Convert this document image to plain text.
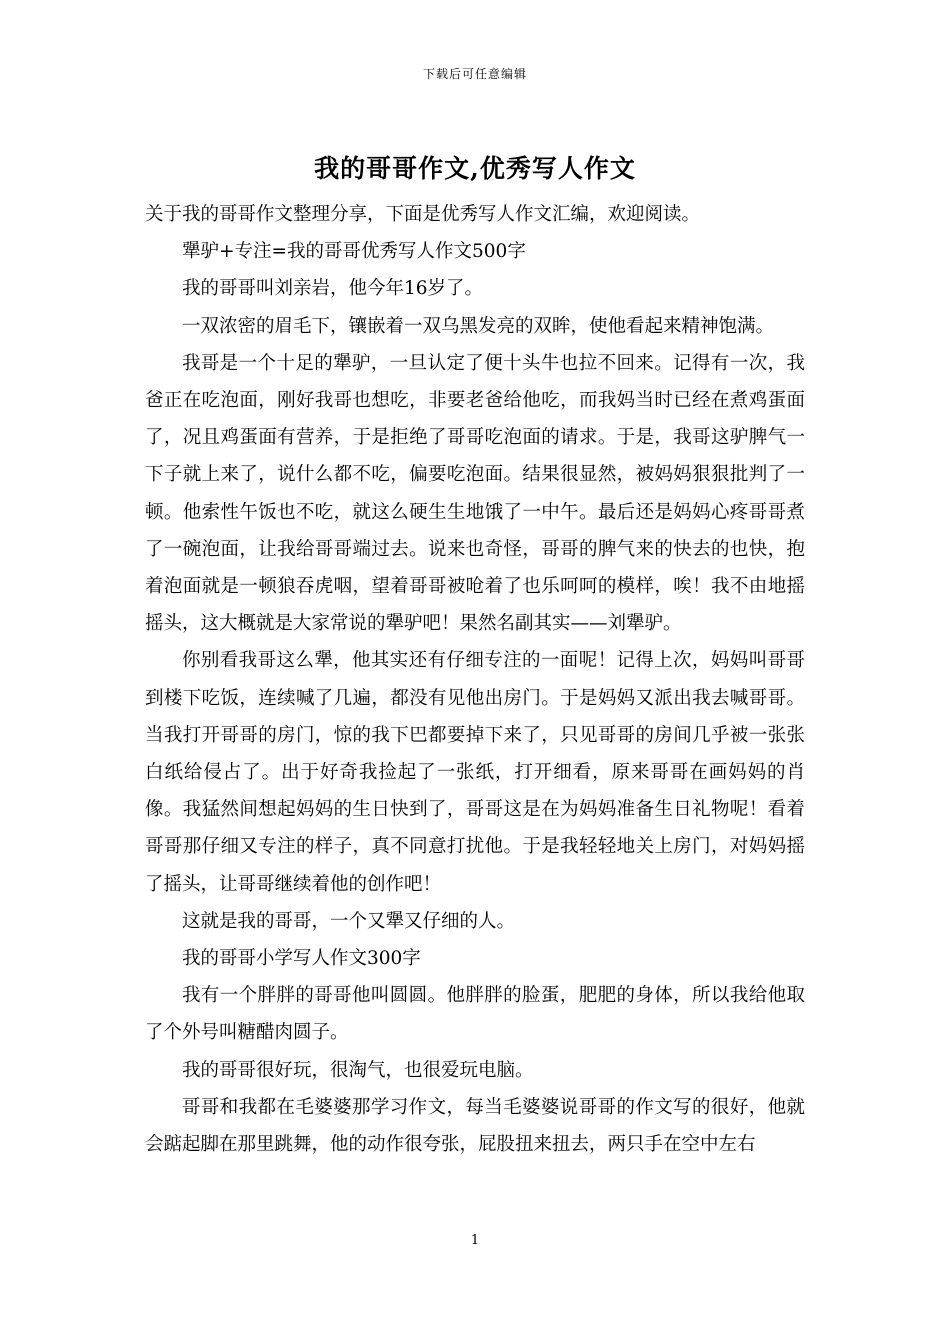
下载后可任意编辑
我的哥哥作文,优秀写人作文

关于我的哥哥作文整理分享，下面是优秀写人作文汇编，欢迎阅读。

犟驴+专注=我的哥哥优秀写人作文500字

我的哥哥叫刘亲岩，他今年16岁了。

一双浓密的眉毛下，镶嵌着一双乌黑发亮的双眸，使他看起来精神饱满。

我哥是一个十足的犟驴，一旦认定了便十头牛也拉不回来。记得有一次，我爸正在吃泡面，刚好我哥也想吃，非要老爸给他吃，而我妈当时已经在煮鸡蛋面了，况且鸡蛋面有营养，于是拒绝了哥哥吃泡面的请求。于是，我哥这驴脾气一下子就上来了，说什么都不吃，偏要吃泡面。结果很显然，被妈妈狠狠批判了一顿。他索性午饭也不吃，就这么硬生生地饿了一中午。最后还是妈妈心疼哥哥煮了一碗泡面，让我给哥哥端过去。说来也奇怪，哥哥的脾气来的快去的也快，抱着泡面就是一顿狼吞虎咽，望着哥哥被呛着了也乐呵呵的模样，唉！我不由地摇摇头，这大概就是大家常说的犟驴吧！果然名副其实——刘犟驴。

你别看我哥这么犟，他其实还有仔细专注的一面呢！记得上次，妈妈叫哥哥到楼下吃饭，连续喊了几遍，都没有见他出房门。于是妈妈又派出我去喊哥哥。当我打开哥哥的房门，惊的我下巴都要掉下来了，只见哥哥的房间几乎被一张张白纸给侵占了。出于好奇我捡起了一张纸，打开细看，原来哥哥在画妈妈的肖像。我猛然间想起妈妈的生日快到了，哥哥这是在为妈妈准备生日礼物呢！看着哥哥那仔细又专注的样子，真不同意打扰他。于是我轻轻地关上房门，对妈妈摇了摇头，让哥哥继续着他的创作吧！

这就是我的哥哥，一个又犟又仔细的人。

我的哥哥小学写人作文300字

我有一个胖胖的哥哥他叫圆圆。他胖胖的脸蛋，肥肥的身体，所以我给他取了个外号叫糖醋肉圆子。

我的哥哥很好玩，很淘气，也很爱玩电脑。

哥哥和我都在毛婆婆那学习作文，每当毛婆婆说哥哥的作文写的很好，他就会踮起脚在那里跳舞，他的动作很夸张，屁股扭来扭去，两只手在空中左右

1
